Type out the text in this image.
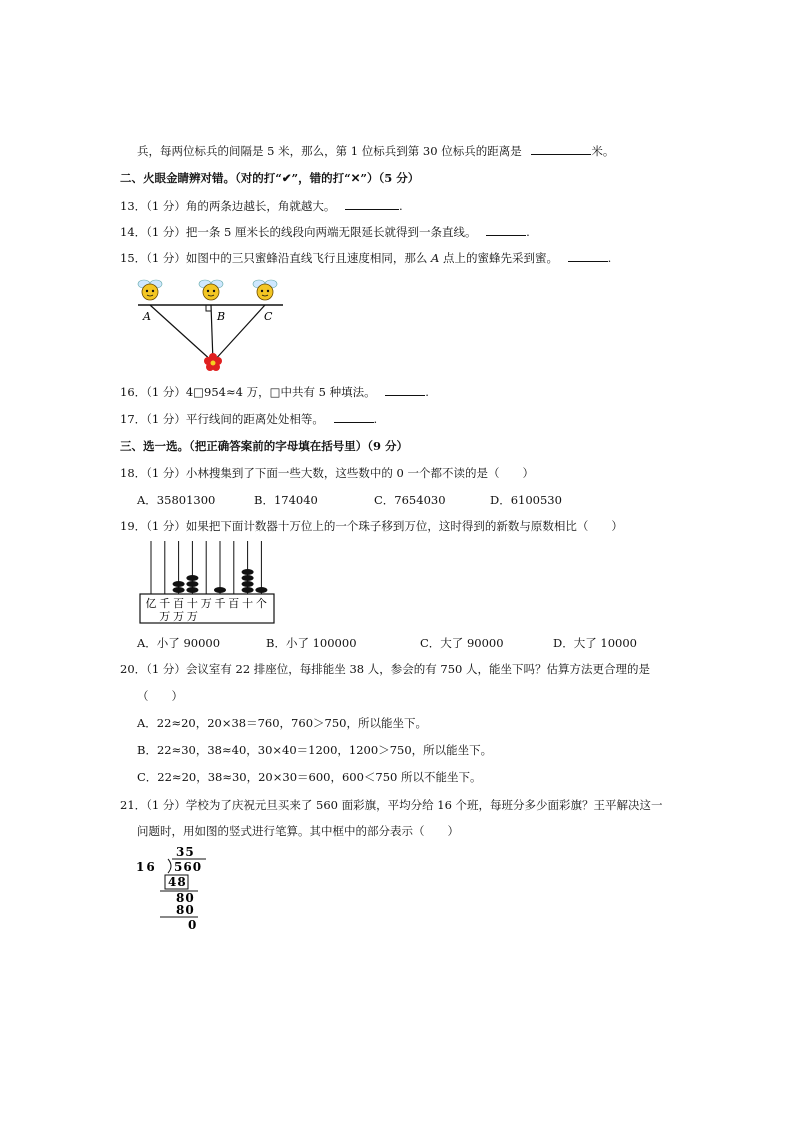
兵，每两位标兵的间隔是 5 米，那么，第 1 位标兵到第 30 位标兵的距离是	米。
二、火眼金睛辨对错。（对的打“✔”，错的打“✕”）（5 分）
13．（1 分）角的两条边越长，角就越大。	.
14．（1 分）把一条 5 厘米长的线段向两端无限延长就得到一条直线。	.
15．（1 分）如图中的三只蜜蜂沿直线飞行且速度相同，那么 A 点上的蜜蜂先采到蜜。	.
A	B	C
16．（1 分）4□954≈4 万，□中共有 5 种填法。	.
17．（1 分）平行线间的距离处处相等。	.
三、选一选。（把正确答案前的字母填在括号里）（9 分）
18．（1 分）小林搜集到了下面一些大数，这些数中的 0 一个都不读的是（　　）
A．35801300	B．174040	C．7654030	D．6100530
19．（1 分）如果把下面计数器十万位上的一个珠子移到万位，这时得到的新数与原数相比（　　）
亿 千 百 十 万 千 百 十 个
万 万 万
A．小了 90000	B．小了 100000	C．大了 90000	D．大了 10000
20．（1 分）会议室有 22 排座位，每排能坐 38 人，参会的有 750 人，能坐下吗？估算方法更合理的是
（　　）
A．22≈20，20×38＝760，760＞750，所以能坐下。
B．22≈30，38≈40，30×40＝1200，1200＞750，所以能坐下。
C．22≈20，38≈30，20×30＝600，600＜750 所以不能坐下。
21．（1 分）学校为了庆祝元旦买来了 560 面彩旗，平均分给 16 个班，每班分多少面彩旗？王平解决这一
问题时，用如图的竖式进行笔算。其中框中的部分表示（　　）
35
16 560
48
80
80
0
